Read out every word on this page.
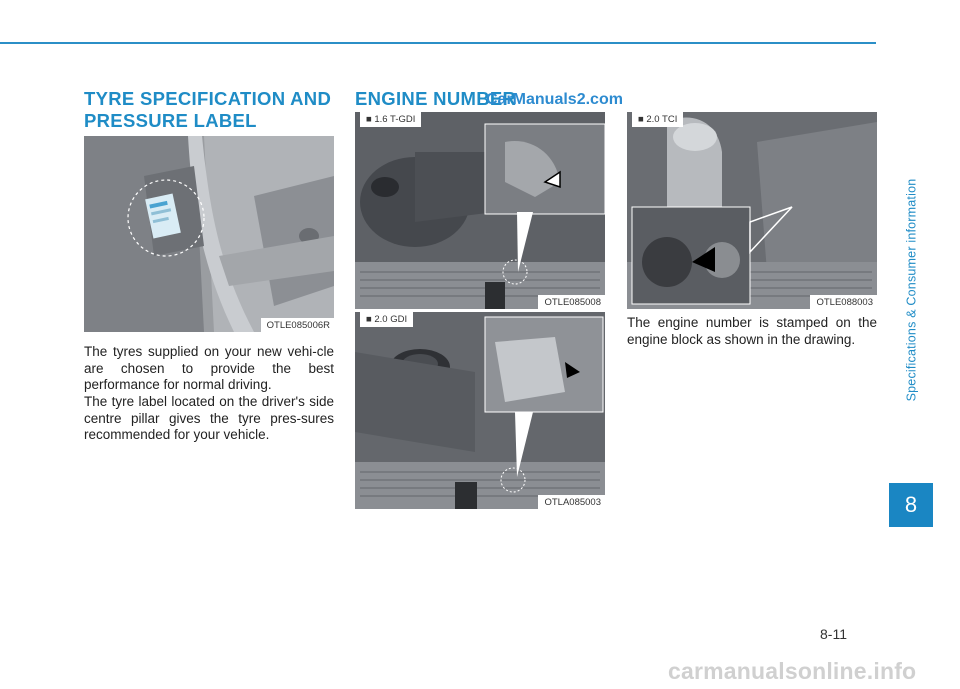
TYRE SPECIFICATION AND
PRESSURE LABEL
OTLE085006R

The tyres supplied on your new vehi-cle are chosen to provide the best performance for normal driving.

The tyre label located on the driver's side centre pillar gives the tyre pres-sures recommended for your vehicle.

ENGINE NUMBER
CarManuals2.com
■ 1.6 T-GDI
OTLE085008
■ 2.0 GDI
OTLA085003
■ 2.0 TCI
OTLE088003

The engine number is stamped on the engine block as shown in the drawing.	Specifications & Consumer information
8
8-11
carmanualsonline.info
